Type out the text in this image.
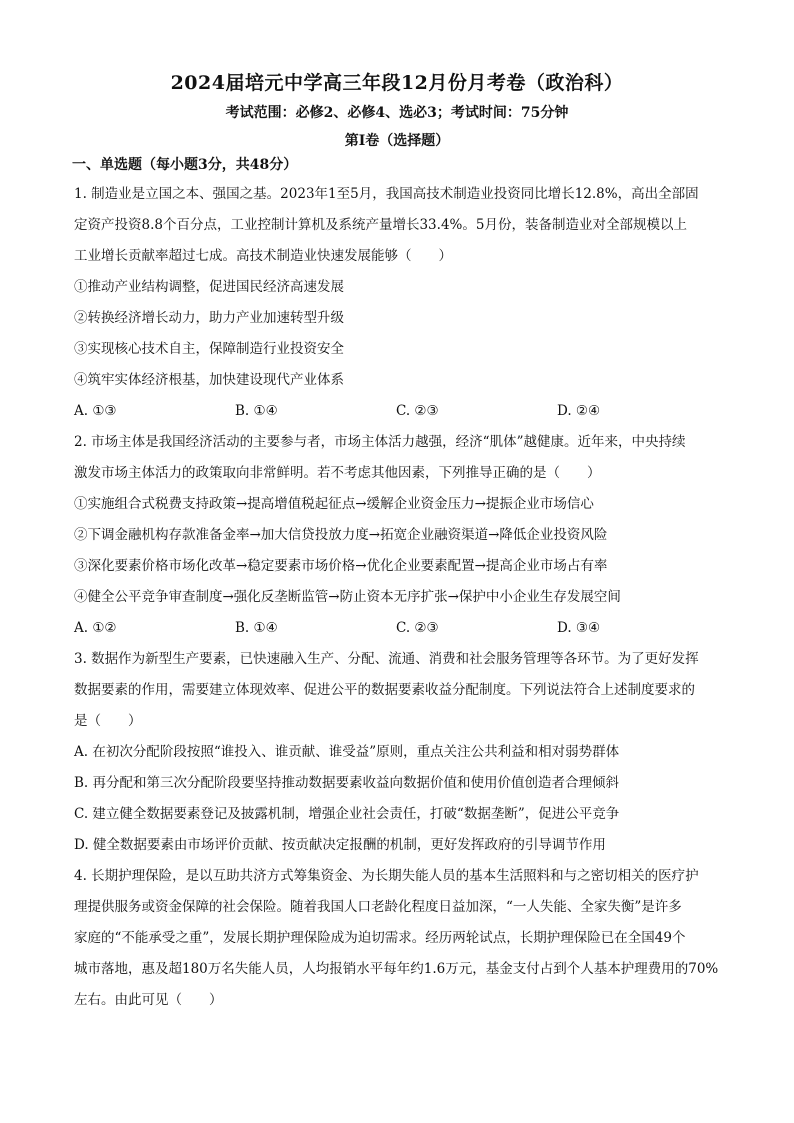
2024届培元中学高三年段12月份月考卷（政治科）
考试范围：必修2、必修4、选必3；考试时间：75分钟
第Ⅰ卷（选择题）
一、单选题（每小题3分，共48分）
1. 制造业是立国之本、强国之基。2023年1至5月，我国高技术制造业投资同比增长12.8%，高出全部固
定资产投资8.8个百分点，工业控制计算机及系统产量增长33.4%。5月份，装备制造业对全部规模以上
工业增长贡献率超过七成。高技术制造业快速发展能够（　　）
①推动产业结构调整，促进国民经济高速发展
②转换经济增长动力，助力产业加速转型升级
③实现核心技术自主，保障制造行业投资安全
④筑牢实体经济根基，加快建设现代产业体系
A. ①③	B. ①④	C. ②③	D. ②④
2. 市场主体是我国经济活动的主要参与者，市场主体活力越强，经济“肌体”越健康。近年来，中央持续
激发市场主体活力的政策取向非常鲜明。若不考虑其他因素，下列推导正确的是（　　）
①实施组合式税费支持政策→提高增值税起征点→缓解企业资金压力→提振企业市场信心
②下调金融机构存款准备金率→加大信贷投放力度→拓宽企业融资渠道→降低企业投资风险
③深化要素价格市场化改革→稳定要素市场价格→优化企业要素配置→提高企业市场占有率
④健全公平竞争审查制度→强化反垄断监管→防止资本无序扩张→保护中小企业生存发展空间
A. ①②	B. ①④	C. ②③	D. ③④
3. 数据作为新型生产要素，已快速融入生产、分配、流通、消费和社会服务管理等各环节。为了更好发挥
数据要素的作用，需要建立体现效率、促进公平的数据要素收益分配制度。下列说法符合上述制度要求的
是（　　）
A. 在初次分配阶段按照“谁投入、谁贡献、谁受益”原则，重点关注公共利益和相对弱势群体
B. 再分配和第三次分配阶段要坚持推动数据要素收益向数据价值和使用价值创造者合理倾斜
C. 建立健全数据要素登记及披露机制，增强企业社会责任，打破“数据垄断”，促进公平竞争
D. 健全数据要素由市场评价贡献、按贡献决定报酬的机制，更好发挥政府的引导调节作用
4. 长期护理保险，是以互助共济方式筹集资金、为长期失能人员的基本生活照料和与之密切相关的医疗护
理提供服务或资金保障的社会保险。随着我国人口老龄化程度日益加深，“一人失能、全家失衡”是许多
家庭的“不能承受之重”，发展长期护理保险成为迫切需求。经历两轮试点，长期护理保险已在全国49个
城市落地，惠及超180万名失能人员，人均报销水平每年约1.6万元，基金支付占到个人基本护理费用的70%
左右。由此可见（　　）
